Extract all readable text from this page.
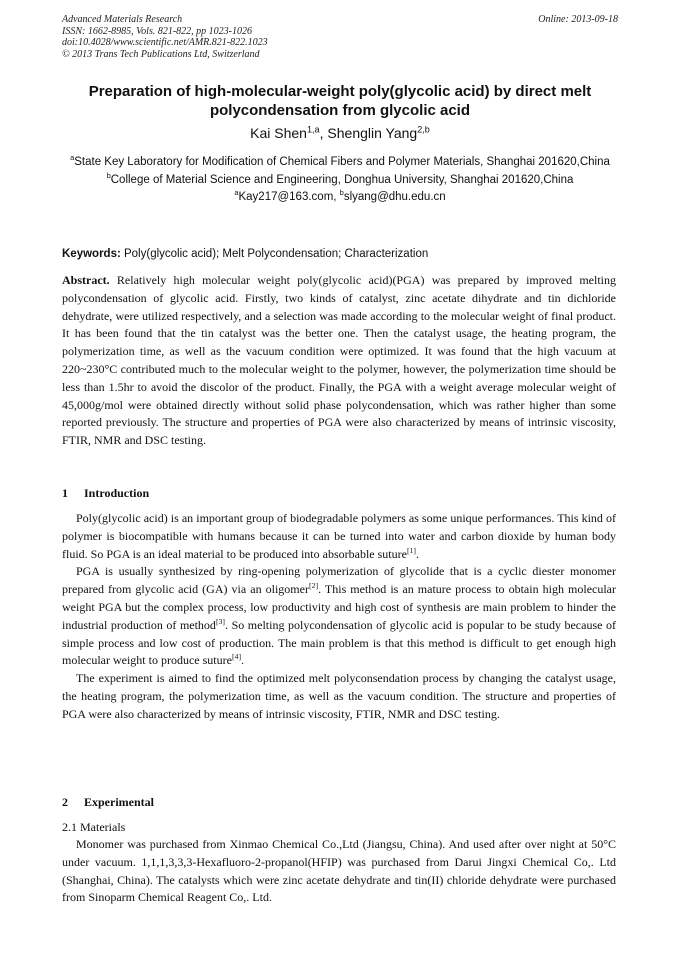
Advanced Materials Research
ISSN: 1662-8985, Vols. 821-822, pp 1023-1026
doi:10.4028/www.scientific.net/AMR.821-822.1023
© 2013 Trans Tech Publications Ltd, Switzerland
Online: 2013-09-18
Preparation of high-molecular-weight poly(glycolic acid) by direct melt polycondensation from glycolic acid
Kai Shen$^{1,a}$, Shenglin Yang$^{2,b}$
$^a$State Key Laboratory for Modification of Chemical Fibers and Polymer Materials, Shanghai 201620,China
$^b$College of Material Science and Engineering, Donghua University, Shanghai 201620,China
$^a$Kay217@163.com, $^b$slyang@dhu.edu.cn
Keywords: Poly(glycolic acid); Melt Polycondensation; Characterization

Abstract. Relatively high molecular weight poly(glycolic acid)(PGA) was prepared by improved melting polycondensation of glycolic acid. Firstly, two kinds of catalyst, zinc acetate dihydrate and tin dichloride dehydrate, were utilized respectively, and a selection was made according to the molecular weight of final product. It has been found that the tin catalyst was the better one. Then the catalyst usage, the heating program, the polymerization time, as well as the vacuum condition were optimized. It was found that the high vacuum at 220~230°C contributed much to the molecular weight to the polymer, however, the polymerization time should be less than 1.5hr to avoid the discolor of the product. Finally, the PGA with a weight average molecular weight of 45,000g/mol were obtained directly without solid phase polycondensation, which was rather higher than some reported previously. The structure and properties of PGA were also characterized by means of intrinsic viscosity, FTIR, NMR and DSC testing.

1 Introduction

Poly(glycolic acid) is an important group of biodegradable polymers as some unique performances. This kind of polymer is biocompatible with humans because it can be turned into water and carbon dioxide by human body fluid. So PGA is an ideal material to be produced into absorbable suture[1].

PGA is usually synthesized by ring-opening polymerization of glycolide that is a cyclic diester monomer prepared from glycolic acid (GA) via an oligomer[2]. This method is an mature process to obtain high molecular weight PGA but the complex process, low productivity and high cost of synthesis are main problem to hinder the industrial production of method[3]. So melting polycondensation of glycolic acid is popular to be study because of simple process and low cost of production. The main problem is that this method is difficult to get enough high molecular weight to produce suture[4].

The experiment is aimed to find the optimized melt polyconsendation process by changing the catalyst usage, the heating program, the polymerization time, as well as the vacuum condition. The structure and properties of PGA were also characterized by means of intrinsic viscosity, FTIR, NMR and DSC testing.

2 Experimental
2.1 Materials

Monomer was purchased from Xinmao Chemical Co.,Ltd (Jiangsu, China). And used after over night at 50°C under vacuum. 1,1,1,3,3,3-Hexafluoro-2-propanol(HFIP) was purchased from Darui Jingxi Chemical Co,. Ltd (Shanghai, China). The catalysts which were zinc acetate dehydrate and tin(II) chloride dehydrate were purchased from Sinoparm Chemical Reagent Co,. Ltd.
